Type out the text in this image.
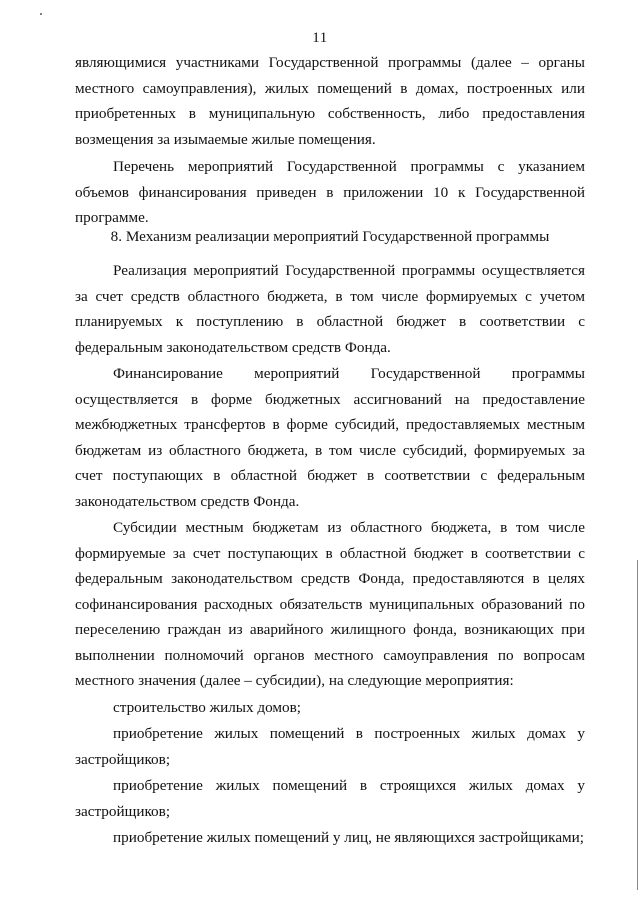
11

являющимися участниками Государственной программы (далее – органы местного самоуправления), жилых помещений в домах, построенных или приобретенных в муниципальную собственность, либо предоставления возмещения за изымаемые жилые помещения.

Перечень мероприятий Государственной программы с указанием объемов финансирования приведен в приложении 10 к Государственной программе.

8. Механизм реализации мероприятий Государственной программы

Реализация мероприятий Государственной программы осуществляется за счет средств областного бюджета, в том числе формируемых с учетом планируемых к поступлению в областной бюджет в соответствии с федеральным законодательством средств Фонда.

Финансирование мероприятий Государственной программы осуществляется в форме бюджетных ассигнований на предоставление межбюджетных трансфертов в форме субсидий, предоставляемых местным бюджетам из областного бюджета, в том числе субсидий, формируемых за счет поступающих в областной бюджет в соответствии с федеральным законодательством средств Фонда.

Субсидии местным бюджетам из областного бюджета, в том числе формируемые за счет поступающих в областной бюджет в соответствии с федеральным законодательством средств Фонда, предоставляются в целях софинансирования расходных обязательств муниципальных образований по переселению граждан из аварийного жилищного фонда, возникающих при выполнении полномочий органов местного самоуправления по вопросам местного значения (далее – субсидии), на следующие мероприятия:

строительство жилых домов;

приобретение жилых помещений в построенных жилых домах у застройщиков;

приобретение жилых помещений в строящихся жилых домах у застройщиков;

приобретение жилых помещений у лиц, не являющихся застройщиками;
